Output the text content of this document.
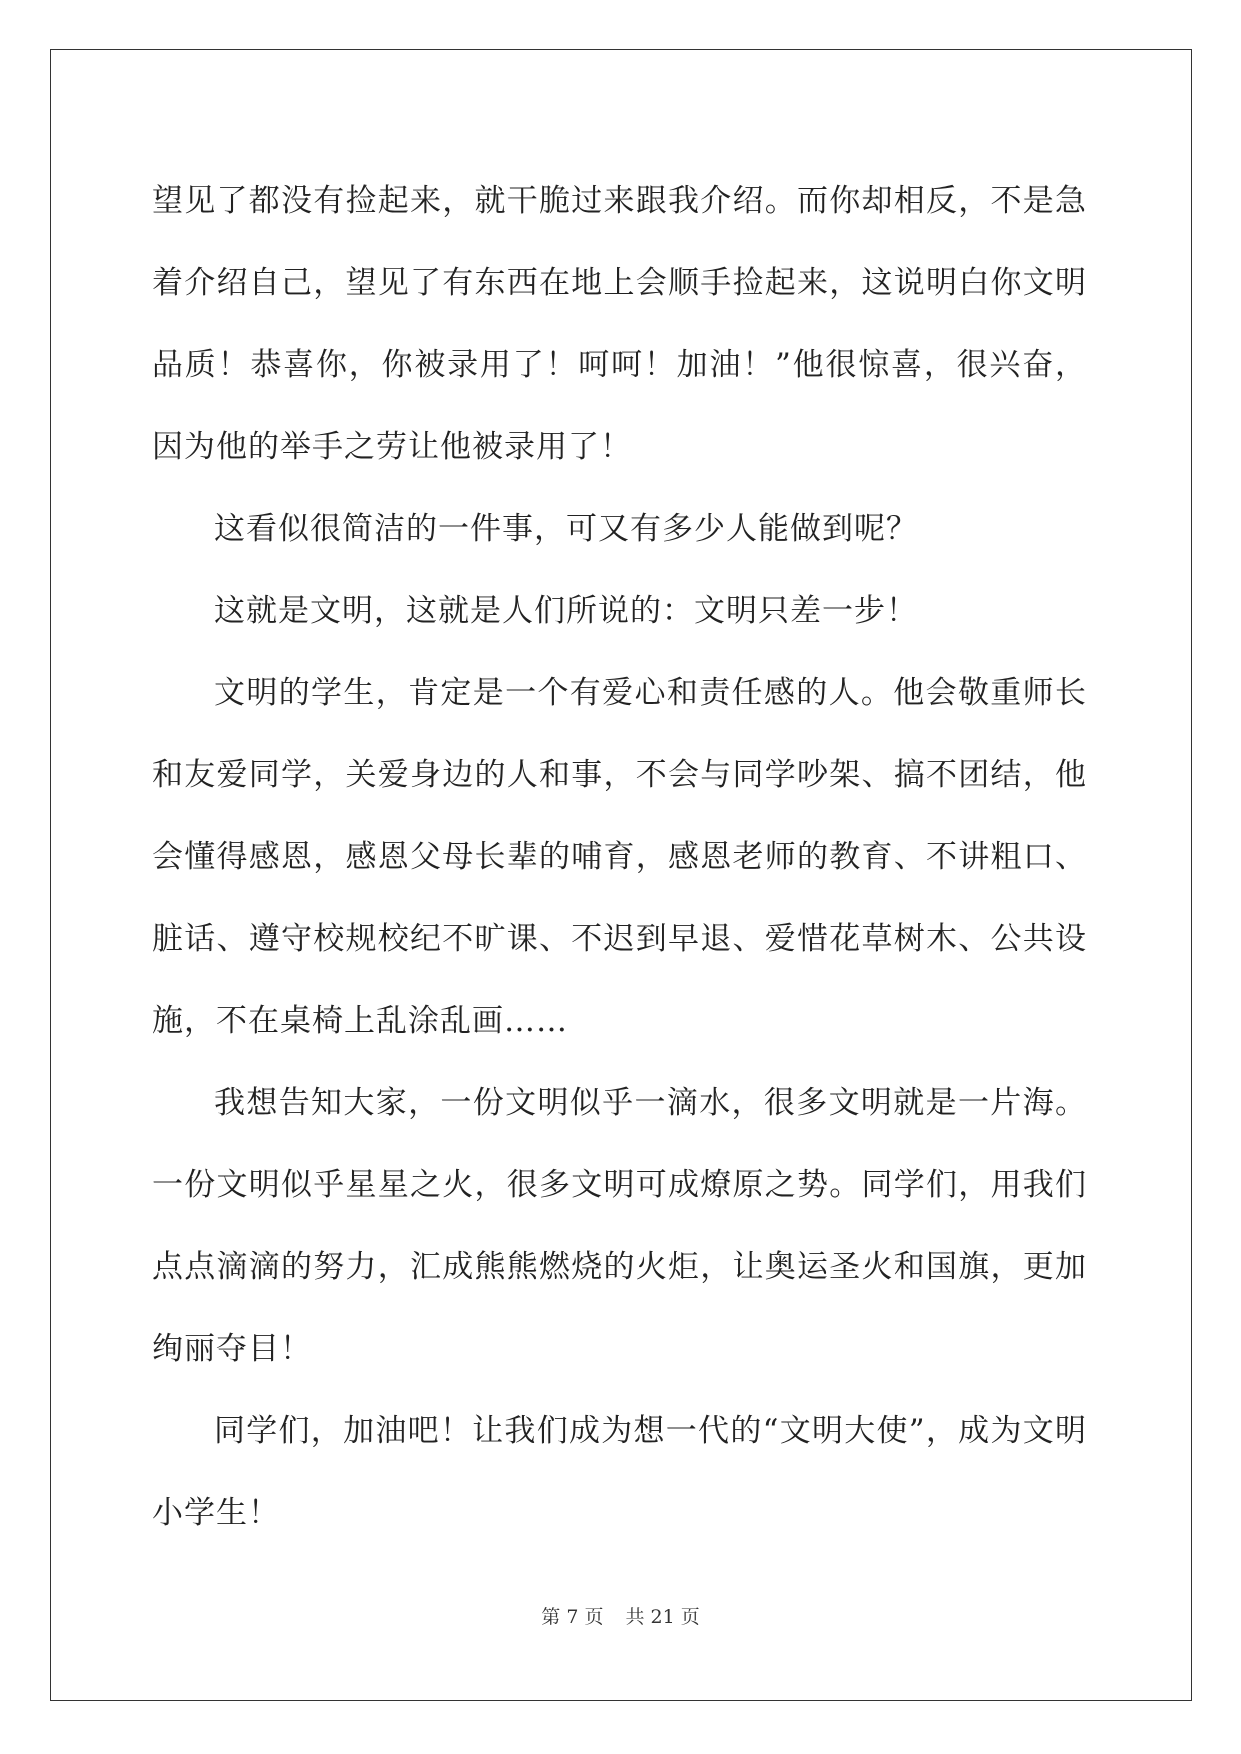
望见了都没有捡起来，就干脆过来跟我介绍。而你却相反，不是急着介绍自己，望见了有东西在地上会顺手捡起来，这说明白你文明品质！恭喜你，你被录用了！呵呵！加油！”他很惊喜，很兴奋，因为他的举手之劳让他被录用了！

这看似很简洁的一件事，可又有多少人能做到呢？

这就是文明，这就是人们所说的：文明只差一步！

文明的学生，肯定是一个有爱心和责任感的人。他会敬重师长和友爱同学，关爱身边的人和事，不会与同学吵架、搞不团结，他会懂得感恩，感恩父母长辈的哺育，感恩老师的教育、不讲粗口、脏话、遵守校规校纪不旷课、不迟到早退、爱惜花草树木、公共设施，不在桌椅上乱涂乱画……

我想告知大家，一份文明似乎一滴水，很多文明就是一片海。一份文明似乎星星之火，很多文明可成燎原之势。同学们，用我们点点滴滴的努力，汇成熊熊燃烧的火炬，让奥运圣火和国旗，更加绚丽夺目！

同学们，加油吧！让我们成为想一代的“文明大使”，成为文明小学生！

第 7 页 共 21 页
